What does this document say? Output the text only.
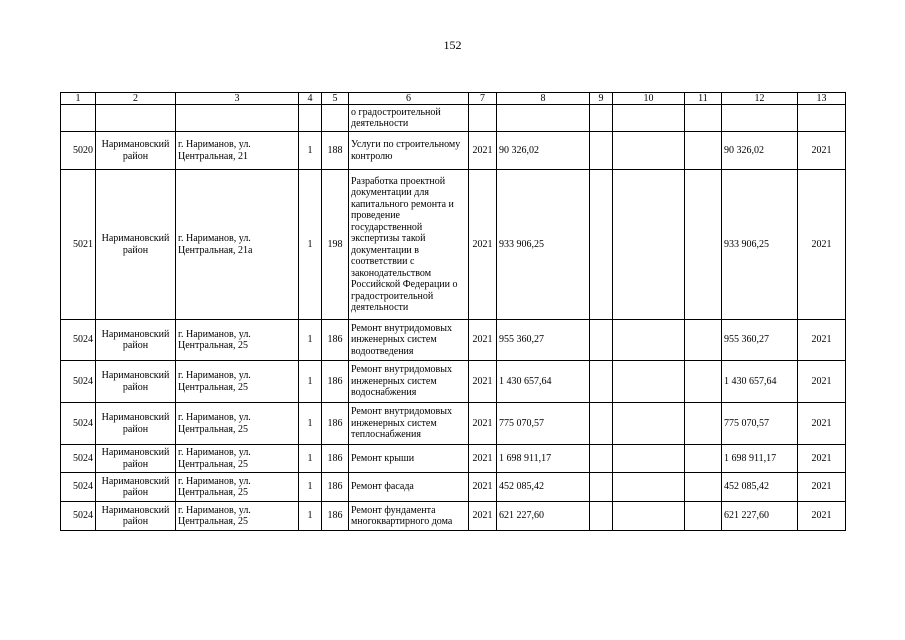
152
1	2	3	4	5	6	7	8	9	10	11	12	13
					о градостроительной деятельности							
5020	Наримановский район	г. Нариманов, ул. Центральная, 21	1	188	Услуги по строительному контролю	2021	90 326,02				90 326,02	2021
5021	Наримановский район	г. Нариманов, ул. Центральная, 21а	1	198	Разработка проектной документации для капитального ремонта и проведение государственной экспертизы такой документации в соответствии с законодательством Российской Федерации о градостроительной деятельности	2021	933 906,25				933 906,25	2021
5024	Наримановский район	г. Нариманов, ул. Центральная, 25	1	186	Ремонт внутридомовых инженерных систем водоотведения	2021	955 360,27				955 360,27	2021
5024	Наримановский район	г. Нариманов, ул. Центральная, 25	1	186	Ремонт внутридомовых инженерных систем водоснабжения	2021	1 430 657,64				1 430 657,64	2021
5024	Наримановский район	г. Нариманов, ул. Центральная, 25	1	186	Ремонт внутридомовых инженерных систем теплоснабжения	2021	775 070,57				775 070,57	2021
5024	Наримановский район	г. Нариманов, ул. Центральная, 25	1	186	Ремонт крыши	2021	1 698 911,17				1 698 911,17	2021
5024	Наримановский район	г. Нариманов, ул. Центральная, 25	1	186	Ремонт фасада	2021	452 085,42				452 085,42	2021
5024	Наримановский район	г. Нариманов, ул. Центральная, 25	1	186	Ремонт фундамента многоквартирного дома	2021	621 227,60				621 227,60	2021
